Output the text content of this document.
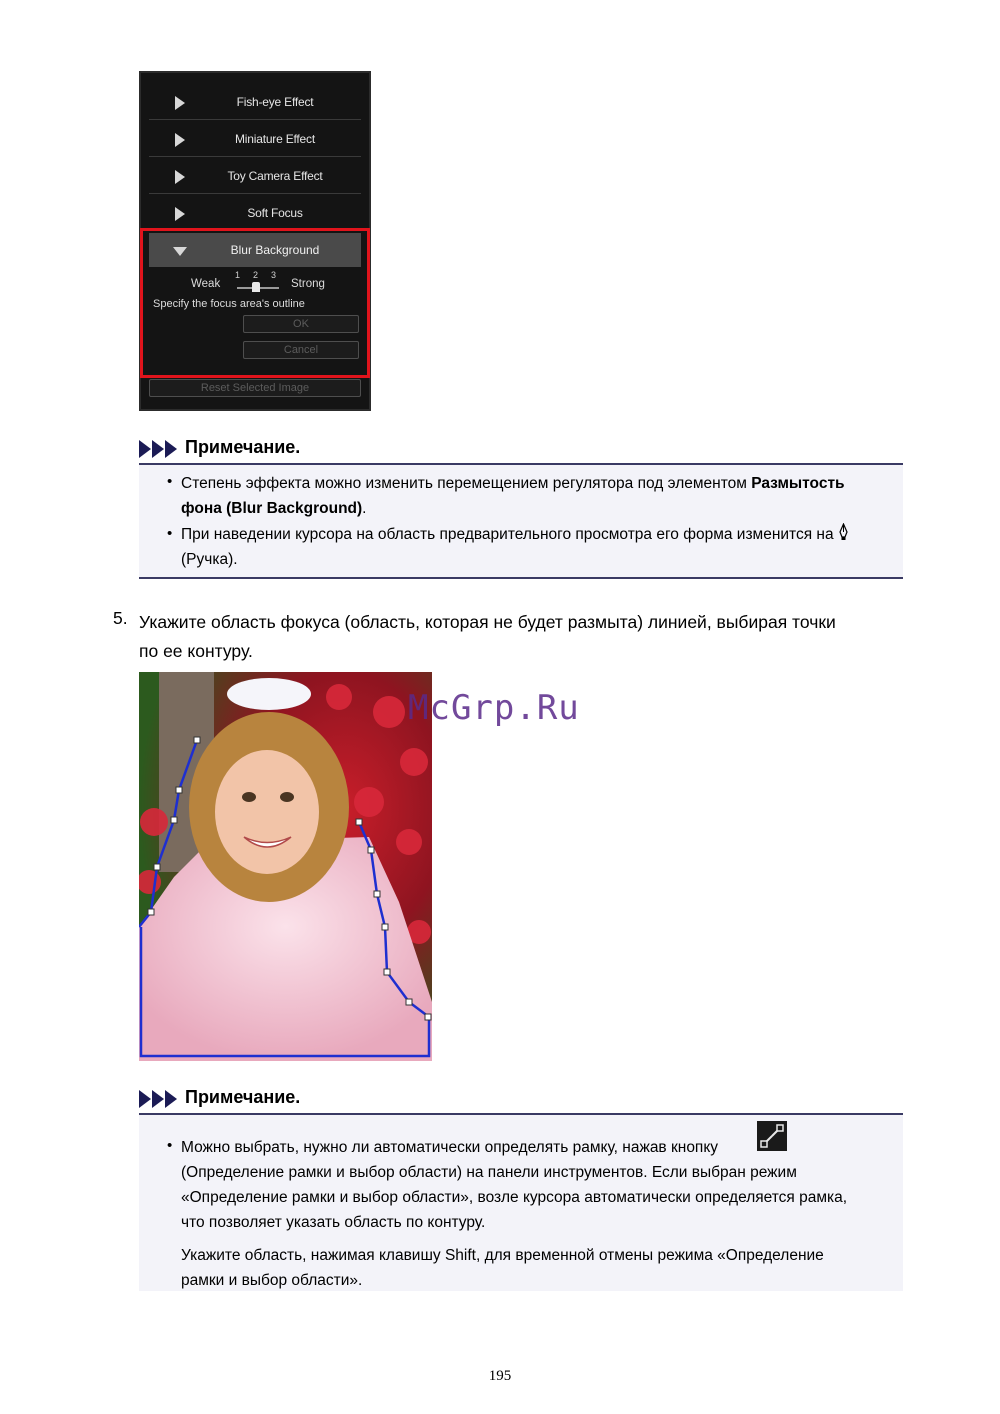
Fish-eye Effect
Miniature Effect
Toy Camera Effect
Soft Focus
Blur Background
Weak
1 2 3
Strong
Specify the focus area's outline
OK
Cancel
Reset Selected Image
Примечание.
• Степень эффекта можно изменить перемещением регулятора под элементом Размытость
фона (Blur Background).
• При наведении курсора на область предварительного просмотра его форма изменится на
(Ручка).
5. Укажите область фокуса (область, которая не будет размыта) линией, выбирая точки
по ее контуру.
McGrp.Ru
Примечание.
• Можно выбрать, нужно ли автоматически определять рамку, нажав кнопку
(Определение рамки и выбор области) на панели инструментов. Если выбран режим
«Определение рамки и выбор области», возле курсора автоматически определяется рамка,
что позволяет указать область по контуру.
Укажите область, нажимая клавишу Shift, для временной отмены режима «Определение
рамки и выбор области».
195
